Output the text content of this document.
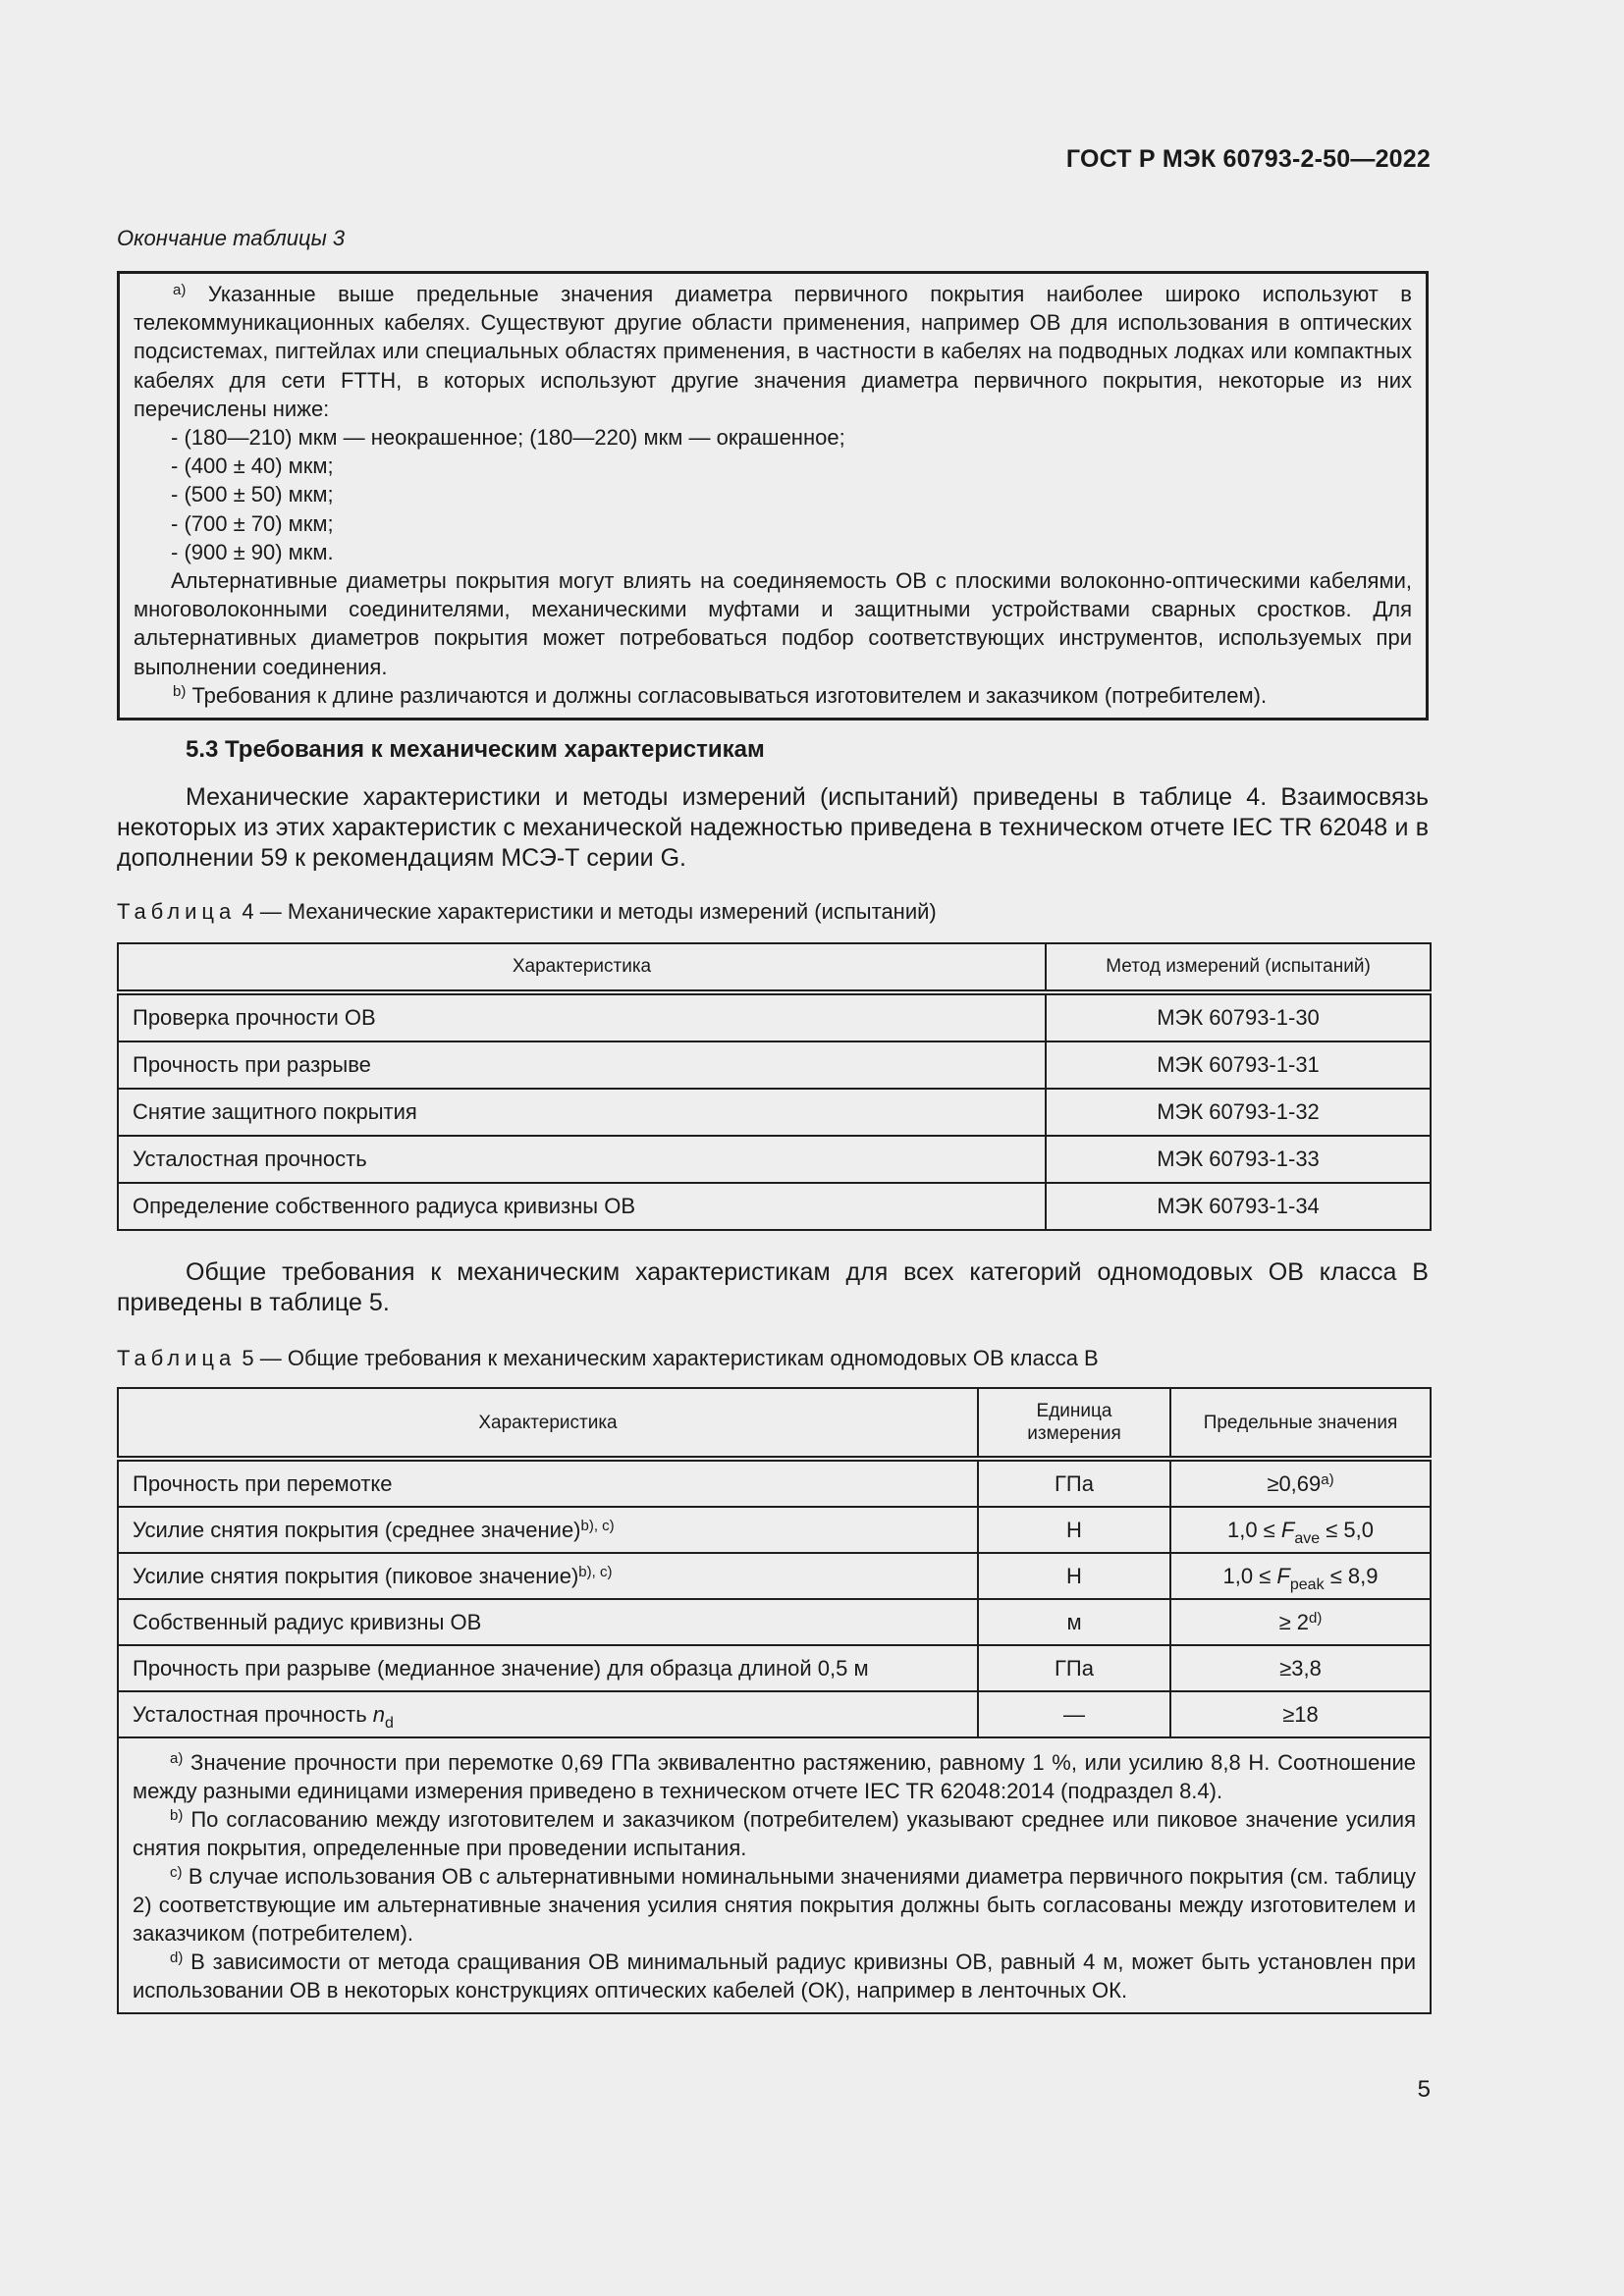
ГОСТ Р МЭК 60793-2-50—2022
Окончание таблицы 3

$^{a)}$ Указанные выше предельные значения диаметра первичного покрытия наиболее широко используют в телекоммуникационных кабелях. Существуют другие области применения, например ОВ для использования в оптических подсистемах, пигтейлах или специальных областях применения, в частности в кабелях на подводных лодках или компактных кабелях для сети FTTH, в которых используют другие значения диаметра первичного покрытия, некоторые из них перечислены ниже:

- (180—210) мкм — неокрашенное; (180—220) мкм — окрашенное;

- (400 ± 40) мкм;

- (500 ± 50) мкм;

- (700 ± 70) мкм;

- (900 ± 90) мкм.

Альтернативные диаметры покрытия могут влиять на соединяемость ОВ с плоскими волоконно-оптическими кабелями, многоволоконными соединителями, механическими муфтами и защитными устройствами сварных сростков. Для альтернативных диаметров покрытия может потребоваться подбор соответствующих инструментов, используемых при выполнении соединения.

$^{b)}$ Требования к длине различаются и должны согласовываться изготовителем и заказчиком (потребителем).

5.3 Требования к механическим характеристикам

Механические характеристики и методы измерений (испытаний) приведены в таблице 4. Взаимосвязь некоторых из этих характеристик с механической надежностью приведена в техническом отчете IEC TR 62048 и в дополнении 59 к рекомендациям МСЭ-Т серии G.

Таблица 4 — Механические характеристики и методы измерений (испытаний)
Характеристика	Метод измерений (испытаний)
Проверка прочности ОВ	МЭК 60793-1-30
Прочность при разрыве	МЭК 60793-1-31
Снятие защитного покрытия	МЭК 60793-1-32
Усталостная прочность	МЭК 60793-1-33
Определение собственного радиуса кривизны ОВ	МЭК 60793-1-34

Общие требования к механическим характеристикам для всех категорий одномодовых ОВ класса В приведены в таблице 5.

Таблица 5 — Общие требования к механическим характеристикам одномодовых ОВ класса В
Характеристика	Единица измерения	Предельные значения
Прочность при перемотке	ГПа	$\ge 0,69^{a)}$
Усилие снятия покрытия (среднее значение)$^{b), c)}$	Н	$1,0 \le F_{ave} \le 5,0$
Усилие снятия покрытия (пиковое значение)$^{b), c)}$	Н	$1,0 \le F_{peak} \le 8,9$
Собственный радиус кривизны ОВ	м	≥ $2^{d)}$
Прочность при разрыве (медианное значение) для образца длиной 0,5 м	ГПа	≥3,8
Усталостная прочность $n_d$	—	≥18

$^{a)}$ Значение прочности при перемотке 0,69 ГПа эквивалентно растяжению, равному 1 %, или усилию 8,8 Н. Соотношение между разными единицами измерения приведено в техническом отчете IEC TR 62048:2014 (подраздел 8.4).

$^{b)}$ По согласованию между изготовителем и заказчиком (потребителем) указывают среднее или пиковое значение усилия снятия покрытия, определенные при проведении испытания.

$^{c)}$ В случае использования ОВ с альтернативными номинальными значениями диаметра первичного покрытия (см. таблицу 2) соответствующие им альтернативные значения усилия снятия покрытия должны быть согласованы между изготовителем и заказчиком (потребителем).

$^{d)}$ В зависимости от метода сращивания ОВ минимальный радиус кривизны ОВ, равный 4 м, может быть установлен при использовании ОВ в некоторых конструкциях оптических кабелей (ОК), например в ленточных ОК.		

5
